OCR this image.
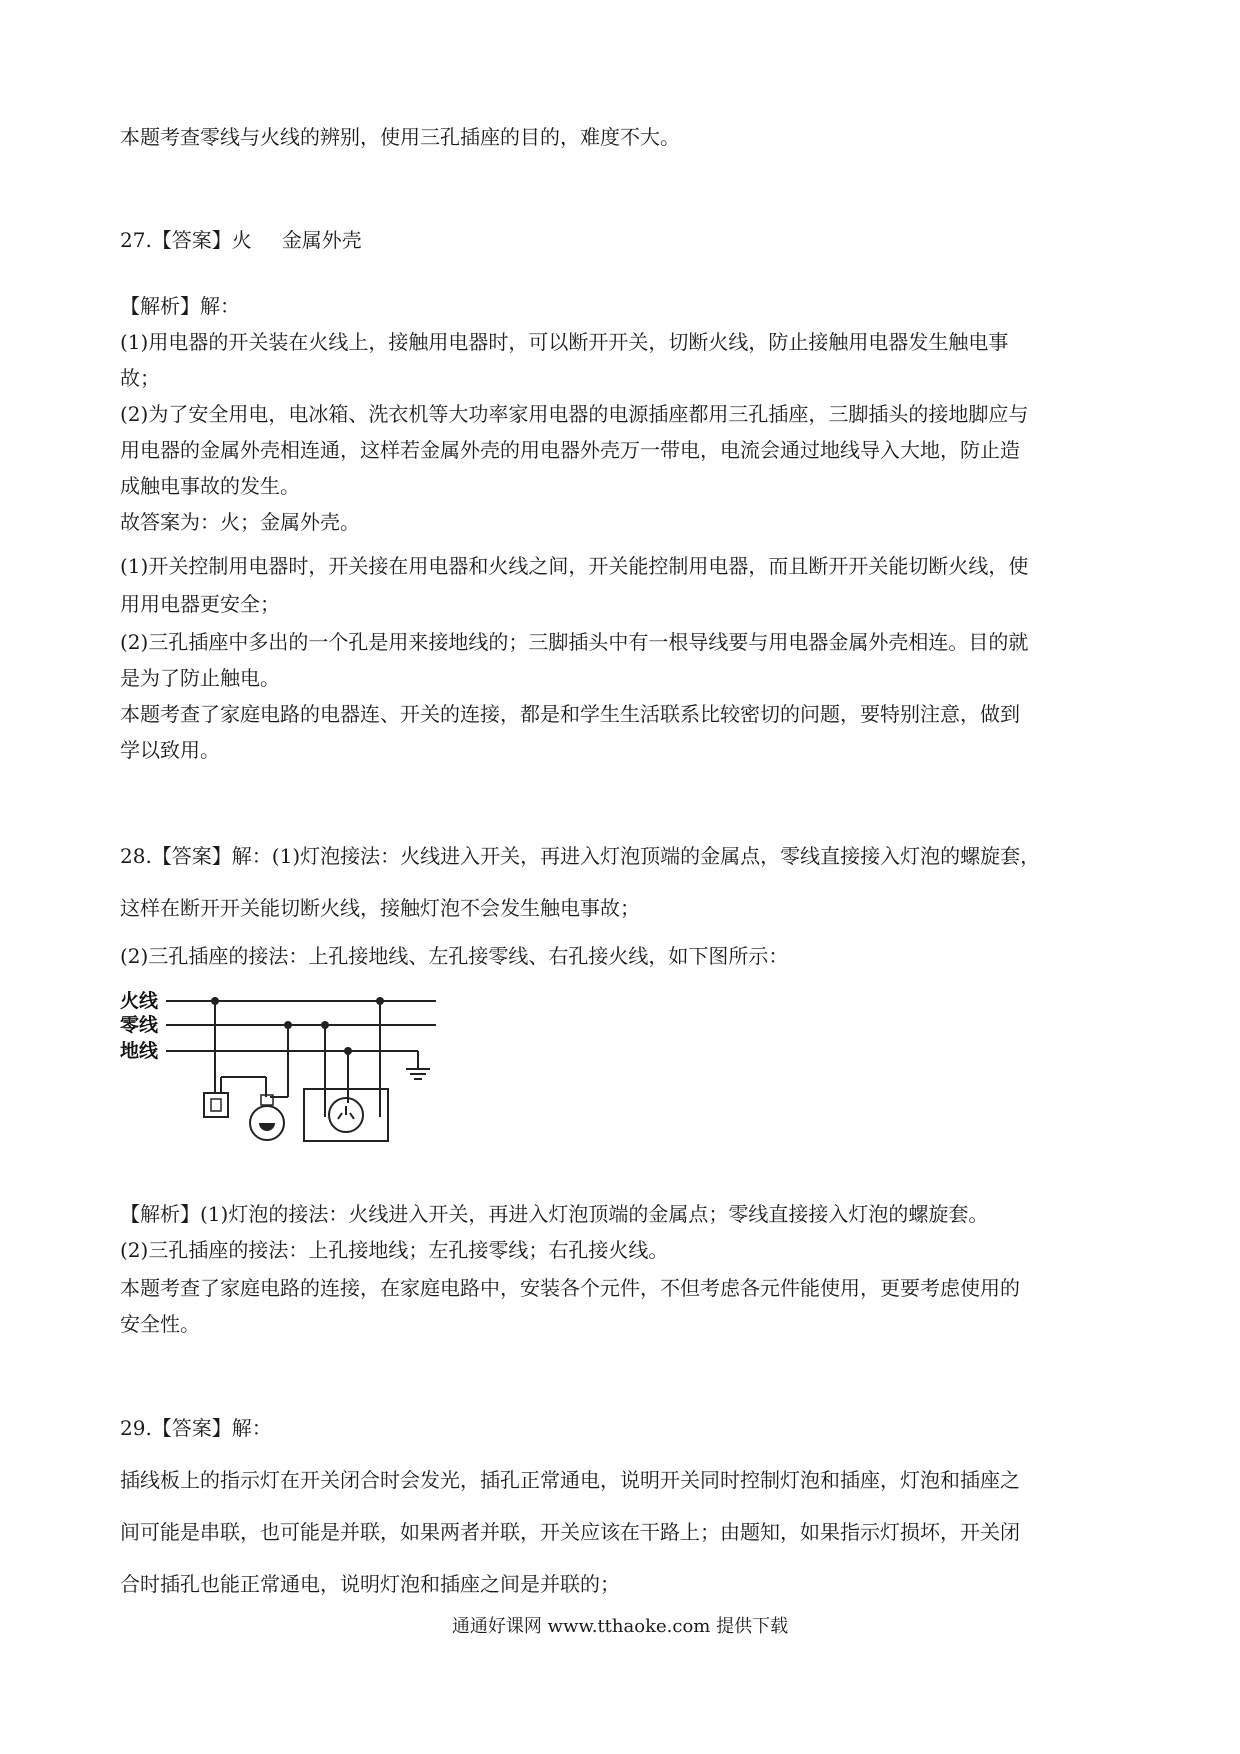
本题考查零线与火线的辨别，使用三孔插座的目的，难度不大。
27.【答案】火 金属外壳
【解析】解：
(1)用电器的开关装在火线上，接触用电器时，可以断开开关，切断火线，防止接触用电器发生触电事
故；
(2)为了安全用电，电冰箱、洗衣机等大功率家用电器的电源插座都用三孔插座，三脚插头的接地脚应与
用电器的金属外壳相连通，这样若金属外壳的用电器外壳万一带电，电流会通过地线导入大地，防止造
成触电事故的发生。
故答案为：火；金属外壳。
(1)开关控制用电器时，开关接在用电器和火线之间，开关能控制用电器，而且断开开关能切断火线，使
用用电器更安全；
(2)三孔插座中多出的一个孔是用来接地线的；三脚插头中有一根导线要与用电器金属外壳相连。目的就
是为了防止触电。
本题考查了家庭电路的电器连、开关的连接，都是和学生生活联系比较密切的问题，要特别注意，做到
学以致用。
28.【答案】解：(1)灯泡接法：火线进入开关，再进入灯泡顶端的金属点，零线直接接入灯泡的螺旋套，
这样在断开开关能切断火线，接触灯泡不会发生触电事故；
(2)三孔插座的接法：上孔接地线、左孔接零线、右孔接火线，如下图所示：
火线
零线
地线
【解析】(1)灯泡的接法：火线进入开关，再进入灯泡顶端的金属点；零线直接接入灯泡的螺旋套。
(2)三孔插座的接法：上孔接地线；左孔接零线；右孔接火线。
本题考查了家庭电路的连接，在家庭电路中，安装各个元件，不但考虑各元件能使用，更要考虑使用的
安全性。
29.【答案】解：
插线板上的指示灯在开关闭合时会发光，插孔正常通电，说明开关同时控制灯泡和插座，灯泡和插座之
间可能是串联，也可能是并联，如果两者并联，开关应该在干路上；由题知，如果指示灯损坏，开关闭
合时插孔也能正常通电，说明灯泡和插座之间是并联的；
通通好课网 www.tthaoke.com 提供下载
